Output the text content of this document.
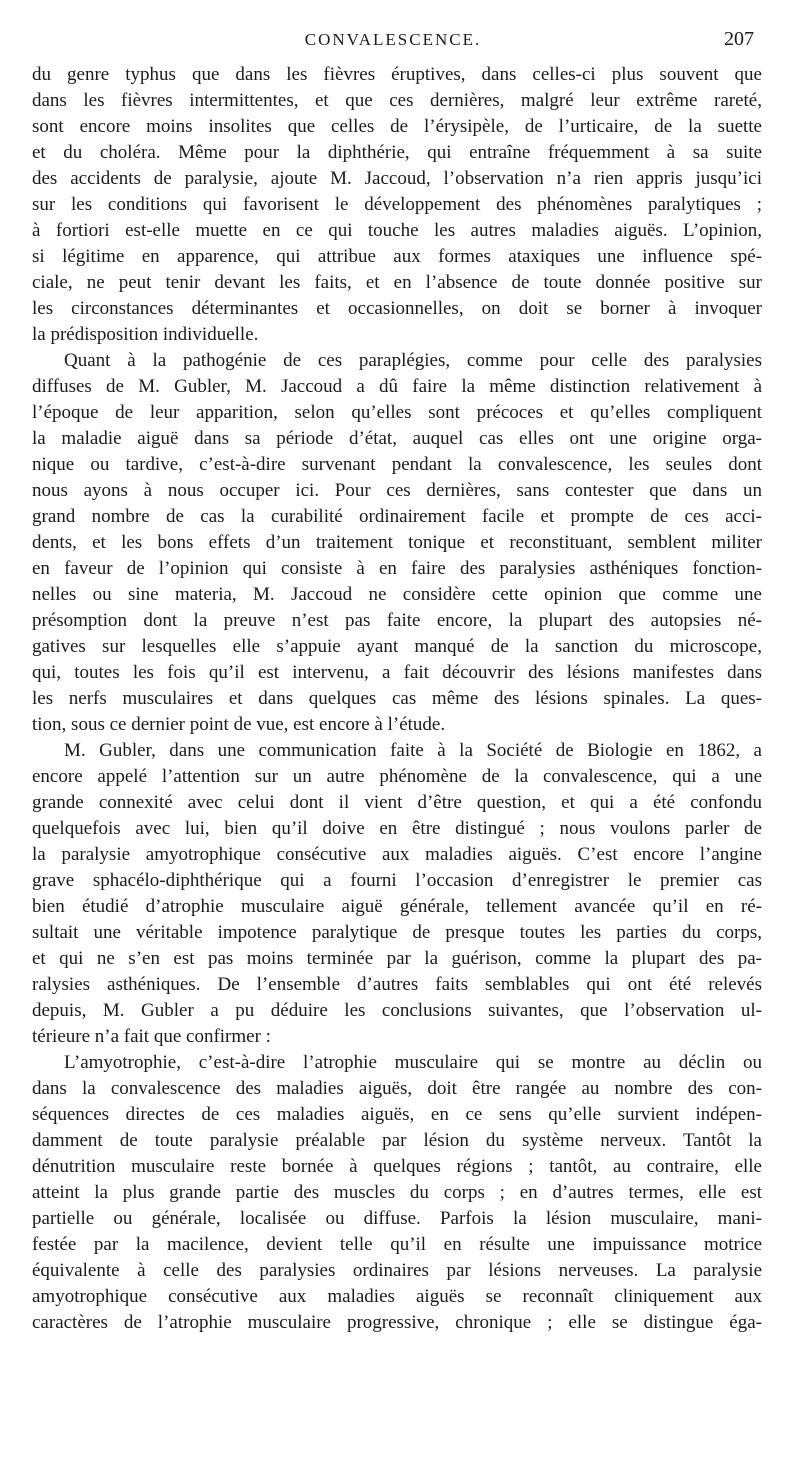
CONVALESCENCE.	207
du genre typhus que dans les fièvres éruptives, dans celles-ci plus souvent que
dans les fièvres intermittentes, et que ces dernières, malgré leur extrême rareté,
sont encore moins insolites que celles de l’érysipèle, de l’urticaire, de la suette
et du choléra. Même pour la diphthérie, qui entraîne fréquemment à sa suite
des accidents de paralysie, ajoute M. Jaccoud, l’observation n’a rien appris jusqu’ici
sur les conditions qui favorisent le développement des phénomènes paralytiques ;
à fortiori est-elle muette en ce qui touche les autres maladies aiguës. L’opinion,
si légitime en apparence, qui attribue aux formes ataxiques une influence spé-
ciale, ne peut tenir devant les faits, et en l’absence de toute donnée positive sur
les circonstances déterminantes et occasionnelles, on doit se borner à invoquer
la prédisposition individuelle.
Quant à la pathogénie de ces paraplégies, comme pour celle des paralysies
diffuses de M. Gubler, M. Jaccoud a dû faire la même distinction relativement à
l’époque de leur apparition, selon qu’elles sont précoces et qu’elles compliquent
la maladie aiguë dans sa période d’état, auquel cas elles ont une origine orga-
nique ou tardive, c’est-à-dire survenant pendant la convalescence, les seules dont
nous ayons à nous occuper ici. Pour ces dernières, sans contester que dans un
grand nombre de cas la curabilité ordinairement facile et prompte de ces acci-
dents, et les bons effets d’un traitement tonique et reconstituant, semblent militer
en faveur de l’opinion qui consiste à en faire des paralysies asthéniques fonction-
nelles ou sine materia, M. Jaccoud ne considère cette opinion que comme une
présomption dont la preuve n’est pas faite encore, la plupart des autopsies né-
gatives sur lesquelles elle s’appuie ayant manqué de la sanction du microscope,
qui, toutes les fois qu’il est intervenu, a fait découvrir des lésions manifestes dans
les nerfs musculaires et dans quelques cas même des lésions spinales. La ques-
tion, sous ce dernier point de vue, est encore à l’étude.
M. Gubler, dans une communication faite à la Société de Biologie en 1862, a
encore appelé l’attention sur un autre phénomène de la convalescence, qui a une
grande connexité avec celui dont il vient d’être question, et qui a été confondu
quelquefois avec lui, bien qu’il doive en être distingué ; nous voulons parler de
la paralysie amyotrophique consécutive aux maladies aiguës. C’est encore l’angine
grave sphacélo-diphthérique qui a fourni l’occasion d’enregistrer le premier cas
bien étudié d’atrophie musculaire aiguë générale, tellement avancée qu’il en ré-
sultait une véritable impotence paralytique de presque toutes les parties du corps,
et qui ne s’en est pas moins terminée par la guérison, comme la plupart des pa-
ralysies asthéniques. De l’ensemble d’autres faits semblables qui ont été relevés
depuis, M. Gubler a pu déduire les conclusions suivantes, que l’observation ul-
térieure n’a fait que confirmer :
L’amyotrophie, c’est-à-dire l’atrophie musculaire qui se montre au déclin ou
dans la convalescence des maladies aiguës, doit être rangée au nombre des con-
séquences directes de ces maladies aiguës, en ce sens qu’elle survient indépen-
damment de toute paralysie préalable par lésion du système nerveux. Tantôt la
dénutrition musculaire reste bornée à quelques régions ; tantôt, au contraire, elle
atteint la plus grande partie des muscles du corps ; en d’autres termes, elle est
partielle ou générale, localisée ou diffuse. Parfois la lésion musculaire, mani-
festée par la macilence, devient telle qu’il en résulte une impuissance motrice
équivalente à celle des paralysies ordinaires par lésions nerveuses. La paralysie
amyotrophique consécutive aux maladies aiguës se reconnaît cliniquement aux
caractères de l’atrophie musculaire progressive, chronique ; elle se distingue éga-
